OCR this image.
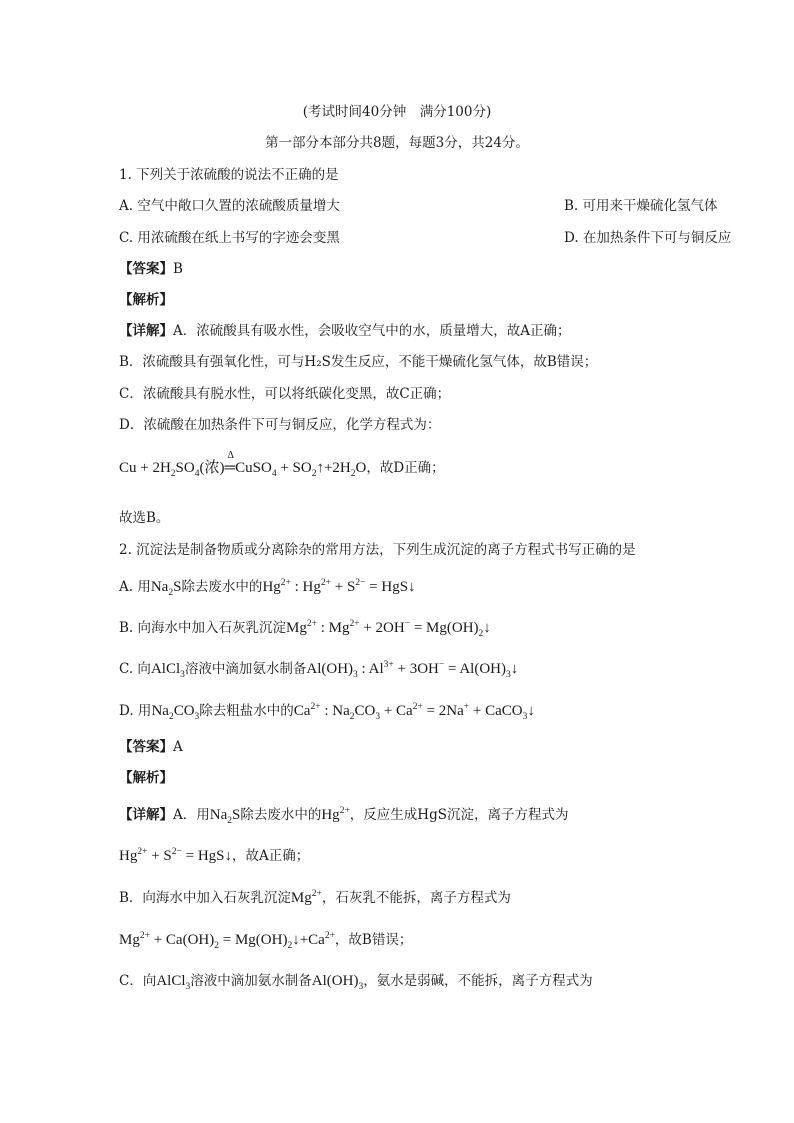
(考试时间40分钟　满分100分)
第一部分本部分共8题，每题3分，共24分。
1. 下列关于浓硫酸的说法不正确的是
A. 空气中敞口久置的浓硫酸质量增大	B. 可用来干燥硫化氢气体
C. 用浓硫酸在纸上书写的字迹会变黑	D. 在加热条件下可与铜反应
【答案】B
【解析】
【详解】A．浓硫酸具有吸水性，会吸收空气中的水，质量增大，故A正确；
B．浓硫酸具有强氧化性，可与H₂S发生反应，不能干燥硫化氢气体，故B错误；
C．浓硫酸具有脱水性，可以将纸碳化变黑，故C正确；
D．浓硫酸在加热条件下可与铜反应，化学方程式为：
$Cu + 2H_2SO_4$(浓)
Δ
═CuSO$_4$ + $SO_2↑+2H_2O$，故D正确；
故选B。
2. 沉淀法是制备物质或分离除杂的常用方法，下列生成沉淀的离子方程式书写正确的是
A. 用$Na_2S$除去废水中的$Hg^{2+}$ : $Hg^{2+} + S^{2-}$ = HgS↓
B. 向海水中加入石灰乳沉淀$Mg^{2+}$ : $Mg^{2+} + 2OH^-$ = $Mg(OH)_2↓$
C. 向AlCl$_3$溶液中滴加氨水制备$Al(OH)_3$ : $Al^{3+} + 3OH^-$ = $Al(OH)_3↓$
D. 用$Na_2CO_3$除去粗盐水中的$Ca^{2+}$ : $Na_2CO_3 + Ca^{2+} = 2Na^+$ + CaCO$_3$↓
【答案】A
【解析】
【详解】A．用$Na_2S$除去废水中的$Hg^{2+}$，反应生成HgS沉淀，离子方程式为
$Hg^{2+} + S^{2-}$ = HgS↓，故A正确；
B．向海水中加入石灰乳沉淀$Mg^{2+}$，石灰乳不能拆，离子方程式为
$Mg^{2+} + Ca(OH)_2$ = $Mg(OH)_2↓+Ca^{2+}$，故B错误；
C．向AlCl$_3$溶液中滴加氨水制备$Al(OH)_3$，氨水是弱碱，不能拆，离子方程式为
